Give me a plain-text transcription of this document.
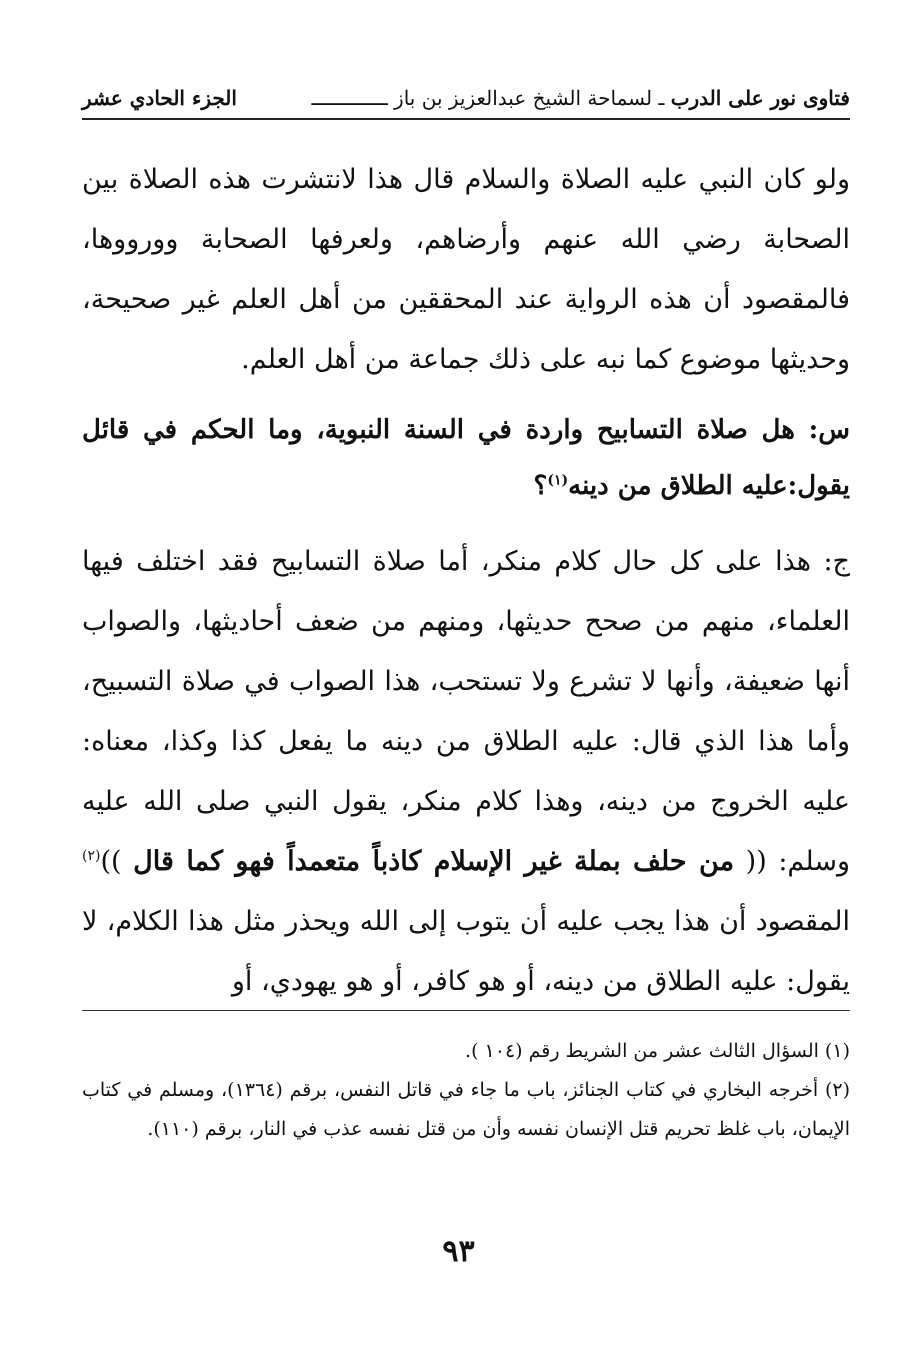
فتاوى نور على الدرب ـ لسماحة الشيخ عبدالعزيز بن باز ـــــــــــــ
الجزء الحادي عشر

ولو كان النبي عليه الصلاة والسلام قال هذا لانتشرت هذه الصلاة بين الصحابة رضي الله عنهم وأرضاهم، ولعرفها الصحابة وورووها، فالمقصود أن هذه الرواية عند المحققين من أهل العلم غير صحيحة، وحديثها موضوع كما نبه على ذلك جماعة من أهل العلم.

س: هل صلاة التسابيح واردة في السنة النبوية، وما الحكم في قائل يقول:عليه الطلاق من دينه$^{(١)}$؟

ج: هذا على كل حال كلام منكر، أما صلاة التسابيح فقد اختلف فيها العلماء، منهم من صحح حديثها، ومنهم من ضعف أحاديثها، والصواب أنها ضعيفة، وأنها لا تشرع ولا تستحب، هذا الصواب في صلاة التسبيح، وأما هذا الذي قال: عليه الطلاق من دينه ما يفعل كذا وكذا، معناه: عليه الخروج من دينه، وهذا كلام منكر، يقول النبي صلى الله عليه وسلم: (( من حلف بملة غير الإسلام كاذباً متعمداً فهو كما قال ))$^{(٢)}$ المقصود أن هذا يجب عليه أن يتوب إلى الله ويحذر مثل هذا الكلام، لا يقول: عليه الطلاق من دينه، أو هو كافر، أو هو يهودي، أو

(١) السؤال الثالث عشر من الشريط رقم (١٠٤ ).

(٢) أخرجه البخاري في كتاب الجنائز، باب ما جاء في قاتل النفس، برقم (١٣٦٤)، ومسلم في كتاب الإيمان، باب غلظ تحريم قتل الإنسان نفسه وأن من قتل نفسه عذب في النار، برقم (١١٠).

٩٣
